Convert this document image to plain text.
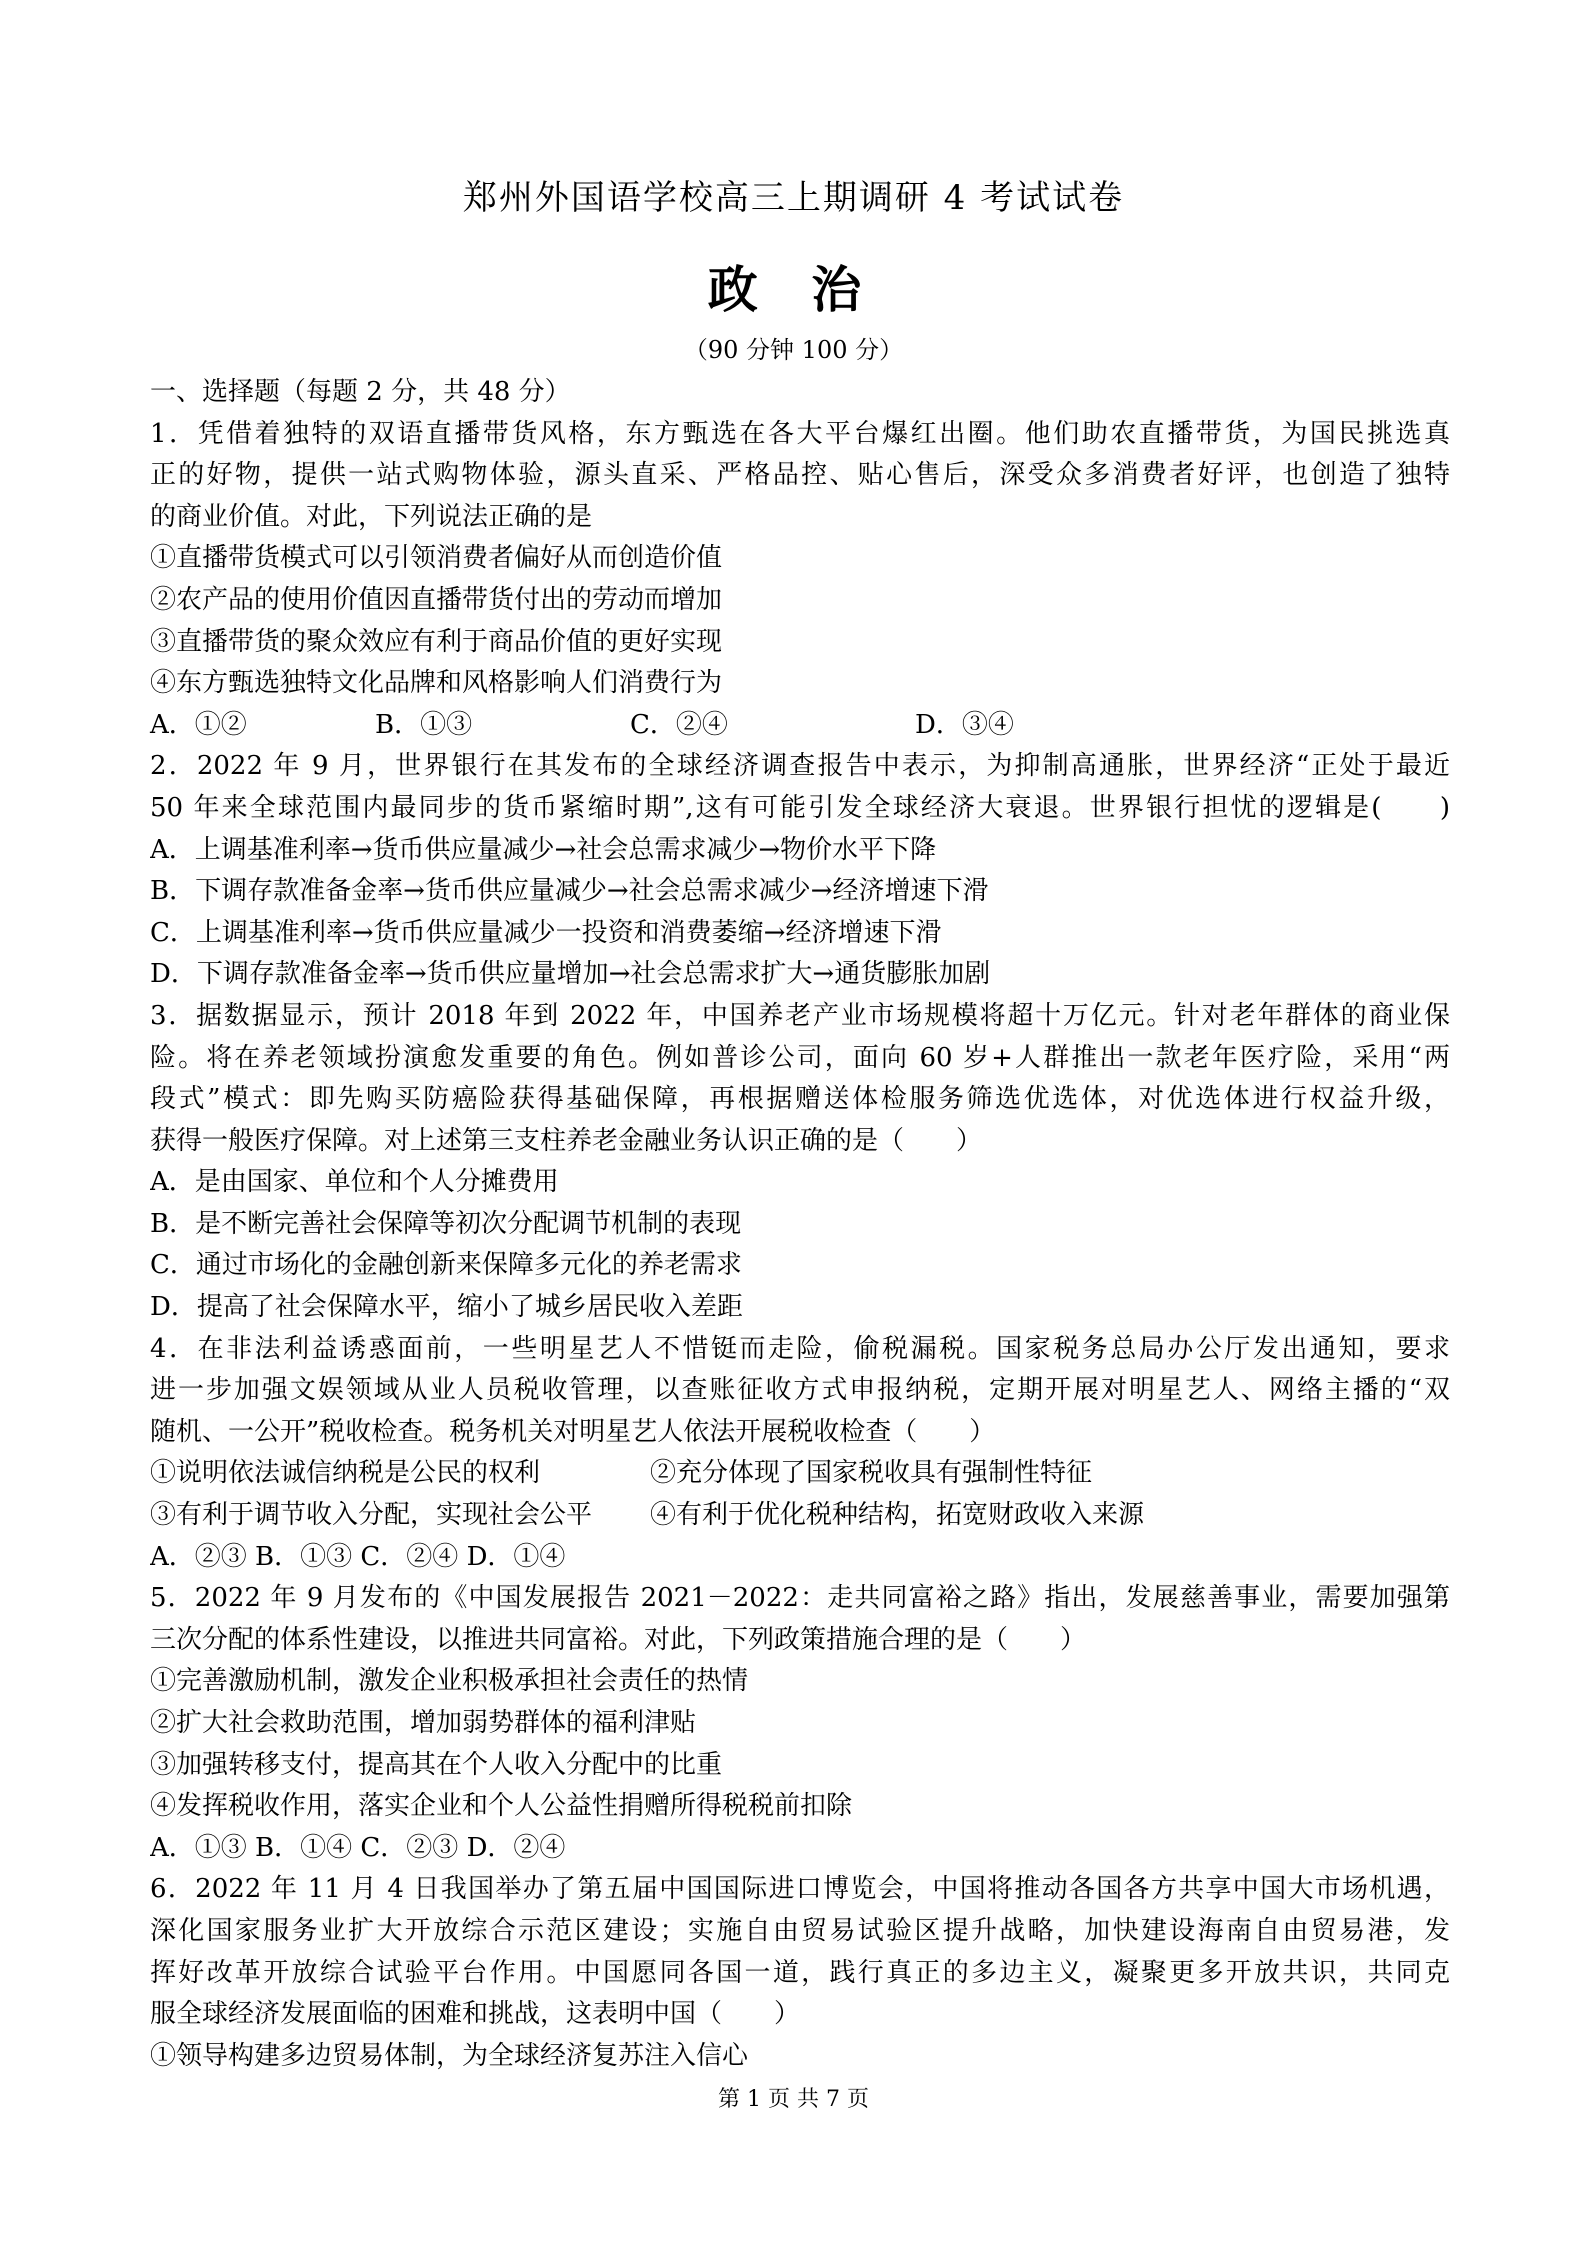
郑州外国语学校高三上期调研 4 考试试卷
政 治
（90 分钟 100 分）
一、选择题（每题 2 分，共 48 分）
1．凭借着独特的双语直播带货风格，东方甄选在各大平台爆红出圈。他们助农直播带货，为国民挑选真
正的好物，提供一站式购物体验，源头直采、严格品控、贴心售后，深受众多消费者好评，也创造了独特
的商业价值。对此，下列说法正确的是
①直播带货模式可以引领消费者偏好从而创造价值
②农产品的使用价值因直播带货付出的劳动而增加
③直播带货的聚众效应有利于商品价值的更好实现
④东方甄选独特文化品牌和风格影响人们消费行为
A．①②	B．①③	C．②④	D．③④
2．2022 年 9 月，世界银行在其发布的全球经济调查报告中表示，为抑制高通胀，世界经济“正处于最近
50 年来全球范围内最同步的货币紧缩时期”,这有可能引发全球经济大衰退。世界银行担忧的逻辑是(　　)
A．上调基准利率→货币供应量减少→社会总需求减少→物价水平下降
B．下调存款准备金率→货币供应量减少→社会总需求减少→经济增速下滑
C．上调基准利率→货币供应量减少一投资和消费萎缩→经济增速下滑
D．下调存款准备金率→货币供应量增加→社会总需求扩大→通货膨胀加剧
3．据数据显示，预计 2018 年到 2022 年，中国养老产业市场规模将超十万亿元。针对老年群体的商业保
险。将在养老领域扮演愈发重要的角色。例如普诊公司，面向 60 岁+人群推出一款老年医疗险，采用“两
段式”模式：即先购买防癌险获得基础保障，再根据赠送体检服务筛选优选体，对优选体进行权益升级，
获得一般医疗保障。对上述第三支柱养老金融业务认识正确的是（　　）
A．是由国家、单位和个人分摊费用
B．是不断完善社会保障等初次分配调节机制的表现
C．通过市场化的金融创新来保障多元化的养老需求
D．提高了社会保障水平，缩小了城乡居民收入差距
4．在非法利益诱惑面前，一些明星艺人不惜铤而走险，偷税漏税。国家税务总局办公厅发出通知，要求
进一步加强文娱领域从业人员税收管理，以查账征收方式申报纳税，定期开展对明星艺人、网络主播的“双
随机、一公开”税收检查。税务机关对明星艺人依法开展税收检查（　　）
①说明依法诚信纳税是公民的权利	②充分体现了国家税收具有强制性特征
③有利于调节收入分配，实现社会公平	④有利于优化税种结构，拓宽财政收入来源
A．②③ B．①③ C．②④ D．①④
5．2022 年 9 月发布的《中国发展报告 2021－2022：走共同富裕之路》指出，发展慈善事业，需要加强第
三次分配的体系性建设，以推进共同富裕。对此，下列政策措施合理的是（　　）
①完善激励机制，激发企业积极承担社会责任的热情
②扩大社会救助范围，增加弱势群体的福利津贴
③加强转移支付，提高其在个人收入分配中的比重
④发挥税收作用，落实企业和个人公益性捐赠所得税税前扣除
A．①③ B．①④ C．②③ D．②④
6．2022 年 11 月 4 日我国举办了第五届中国国际进口博览会，中国将推动各国各方共享中国大市场机遇，
深化国家服务业扩大开放综合示范区建设；实施自由贸易试验区提升战略，加快建设海南自由贸易港，发
挥好改革开放综合试验平台作用。中国愿同各国一道，践行真正的多边主义，凝聚更多开放共识，共同克
服全球经济发展面临的困难和挑战，这表明中国（　　）
①领导构建多边贸易体制，为全球经济复苏注入信心
第 1 页 共 7 页
